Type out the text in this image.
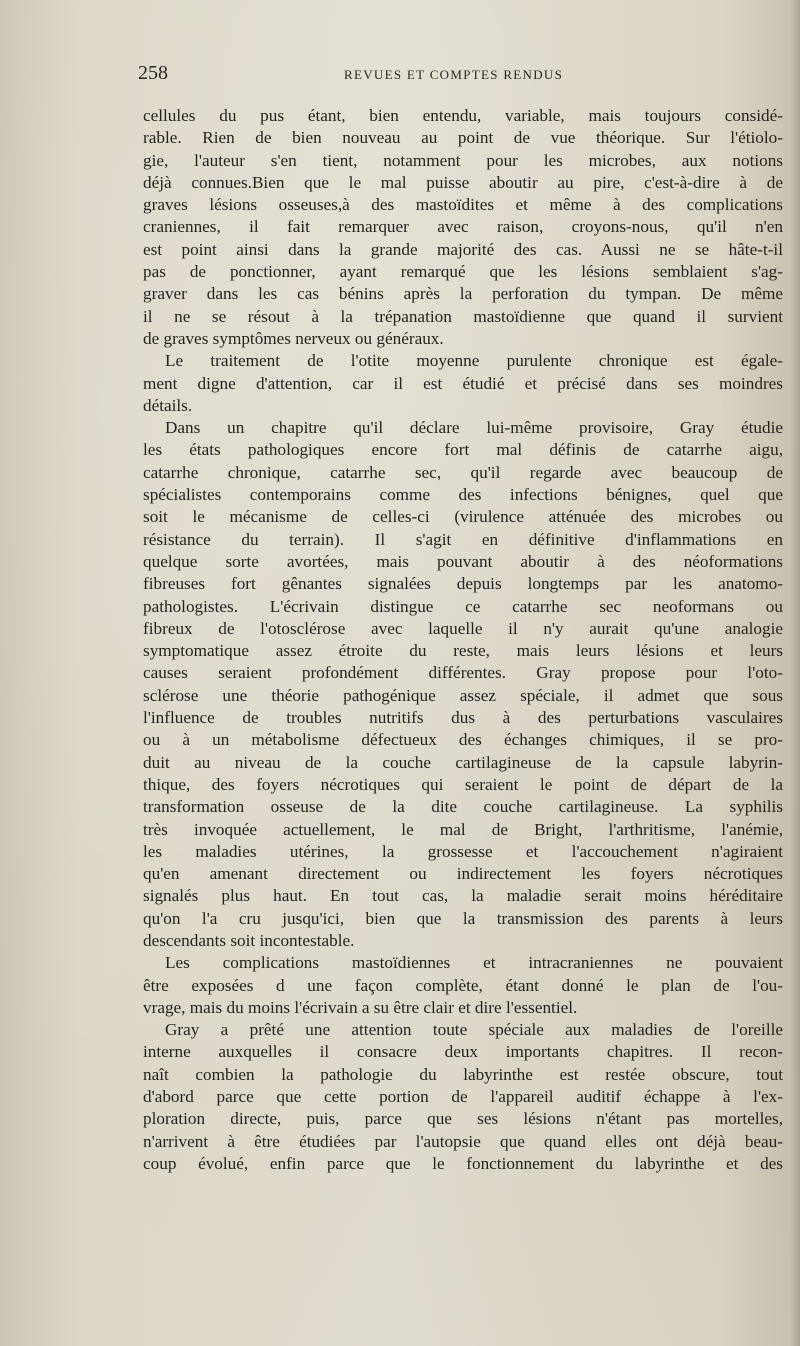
258	REVUES ET COMPTES RENDUS
cellules du pus étant, bien entendu, variable, mais toujours considé-
rable. Rien de bien nouveau au point de vue théorique. Sur l'étiolo-
gie, l'auteur s'en tient, notamment pour les microbes, aux notions
déjà connues.Bien que le mal puisse aboutir au pire, c'est-à-dire à de
graves lésions osseuses,à des mastoïdites et même à des complications
craniennes, il fait remarquer avec raison, croyons-nous, qu'il n'en
est point ainsi dans la grande majorité des cas. Aussi ne se hâte-t-il
pas de ponctionner, ayant remarqué que les lésions semblaient s'ag-
graver dans les cas bénins après la perforation du tympan. De même
il ne se résout à la trépanation mastoïdienne que quand il survient
de graves symptômes nerveux ou généraux.
Le traitement de l'otite moyenne purulente chronique est égale-
ment digne d'attention, car il est étudié et précisé dans ses moindres
détails.
Dans un chapitre qu'il déclare lui-même provisoire, Gray étudie
les états pathologiques encore fort mal définis de catarrhe aigu,
catarrhe chronique, catarrhe sec, qu'il regarde avec beaucoup de
spécialistes contemporains comme des infections bénignes, quel que
soit le mécanisme de celles-ci (virulence atténuée des microbes ou
résistance du terrain). Il s'agit en définitive d'inflammations en
quelque sorte avortées, mais pouvant aboutir à des néoformations
fibreuses fort gênantes signalées depuis longtemps par les anatomo-
pathologistes. L'écrivain distingue ce catarrhe sec neoformans ou
fibreux de l'otosclérose avec laquelle il n'y aurait qu'une analogie
symptomatique assez étroite du reste, mais leurs lésions et leurs
causes seraient profondément différentes. Gray propose pour l'oto-
sclérose une théorie pathogénique assez spéciale, il admet que sous
l'influence de troubles nutritifs dus à des perturbations vasculaires
ou à un métabolisme défectueux des échanges chimiques, il se pro-
duit au niveau de la couche cartilagineuse de la capsule labyrin-
thique, des foyers nécrotiques qui seraient le point de départ de la
transformation osseuse de la dite couche cartilagineuse. La syphilis
très invoquée actuellement, le mal de Bright, l'arthritisme, l'anémie,
les maladies utérines, la grossesse et l'accouchement n'agiraient
qu'en amenant directement ou indirectement les foyers nécrotiques
signalés plus haut. En tout cas, la maladie serait moins héréditaire
qu'on l'a cru jusqu'ici, bien que la transmission des parents à leurs
descendants soit incontestable.
Les complications mastoïdiennes et intracraniennes ne pouvaient
être exposées d une façon complète, étant donné le plan de l'ou-
vrage, mais du moins l'écrivain a su être clair et dire l'essentiel.
Gray a prêté une attention toute spéciale aux maladies de l'oreille
interne auxquelles il consacre deux importants chapitres. Il recon-
naît combien la pathologie du labyrinthe est restée obscure, tout
d'abord parce que cette portion de l'appareil auditif échappe à l'ex-
ploration directe, puis, parce que ses lésions n'étant pas mortelles,
n'arrivent à être étudiées par l'autopsie que quand elles ont déjà beau-
coup évolué, enfin parce que le fonctionnement du labyrinthe et des
